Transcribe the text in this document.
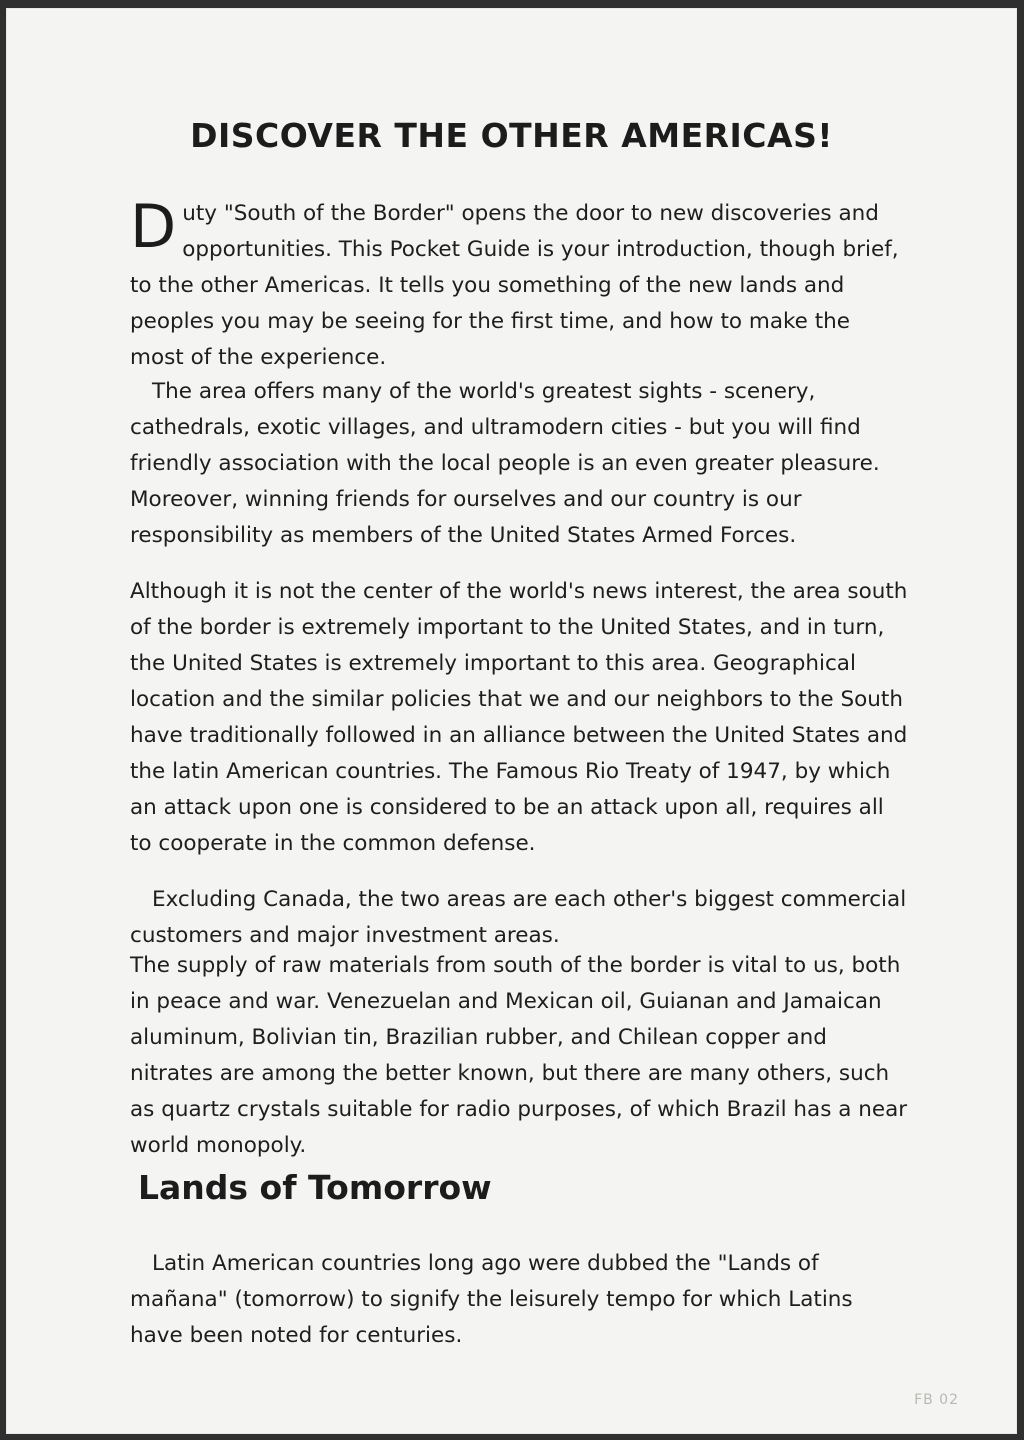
DISCOVER THE OTHER AMERICAS!

Duty "South of the Border" opens the door to new discoveries and opportunities. This Pocket Guide is your introduction, though brief, to the other Americas. It tells you something of the new lands and peoples you may be seeing for the first time, and how to make the most of the experience.

The area offers many of the world's greatest sights - scenery, cathedrals, exotic villages, and ultramodern cities - but you will find friendly association with the local people is an even greater pleasure. Moreover, winning friends for ourselves and our country is our responsibility as members of the United States Armed Forces.

Although it is not the center of the world's news interest, the area south of the border is extremely important to the United States, and in turn, the United States is extremely important to this area. Geographical location and the similar policies that we and our neighbors to the South have traditionally followed in an alliance between the United States and the latin American countries. The Famous Rio Treaty of 1947, by which an attack upon one is considered to be an attack upon all, requires all to cooperate in the common defense.

Excluding Canada, the two areas are each other's biggest commercial customers and major investment areas.

The supply of raw materials from south of the border is vital to us, both in peace and war. Venezuelan and Mexican oil, Guianan and Jamaican aluminum, Bolivian tin, Brazilian rubber, and Chilean copper and nitrates are among the better known, but there are many others, such as quartz crystals suitable for radio purposes, of which Brazil has a near world monopoly.

Lands of Tomorrow

Latin American countries long ago were dubbed the "Lands of mañana" (tomorrow) to signify the leisurely tempo for which Latins have been noted for centuries.

FB 02
